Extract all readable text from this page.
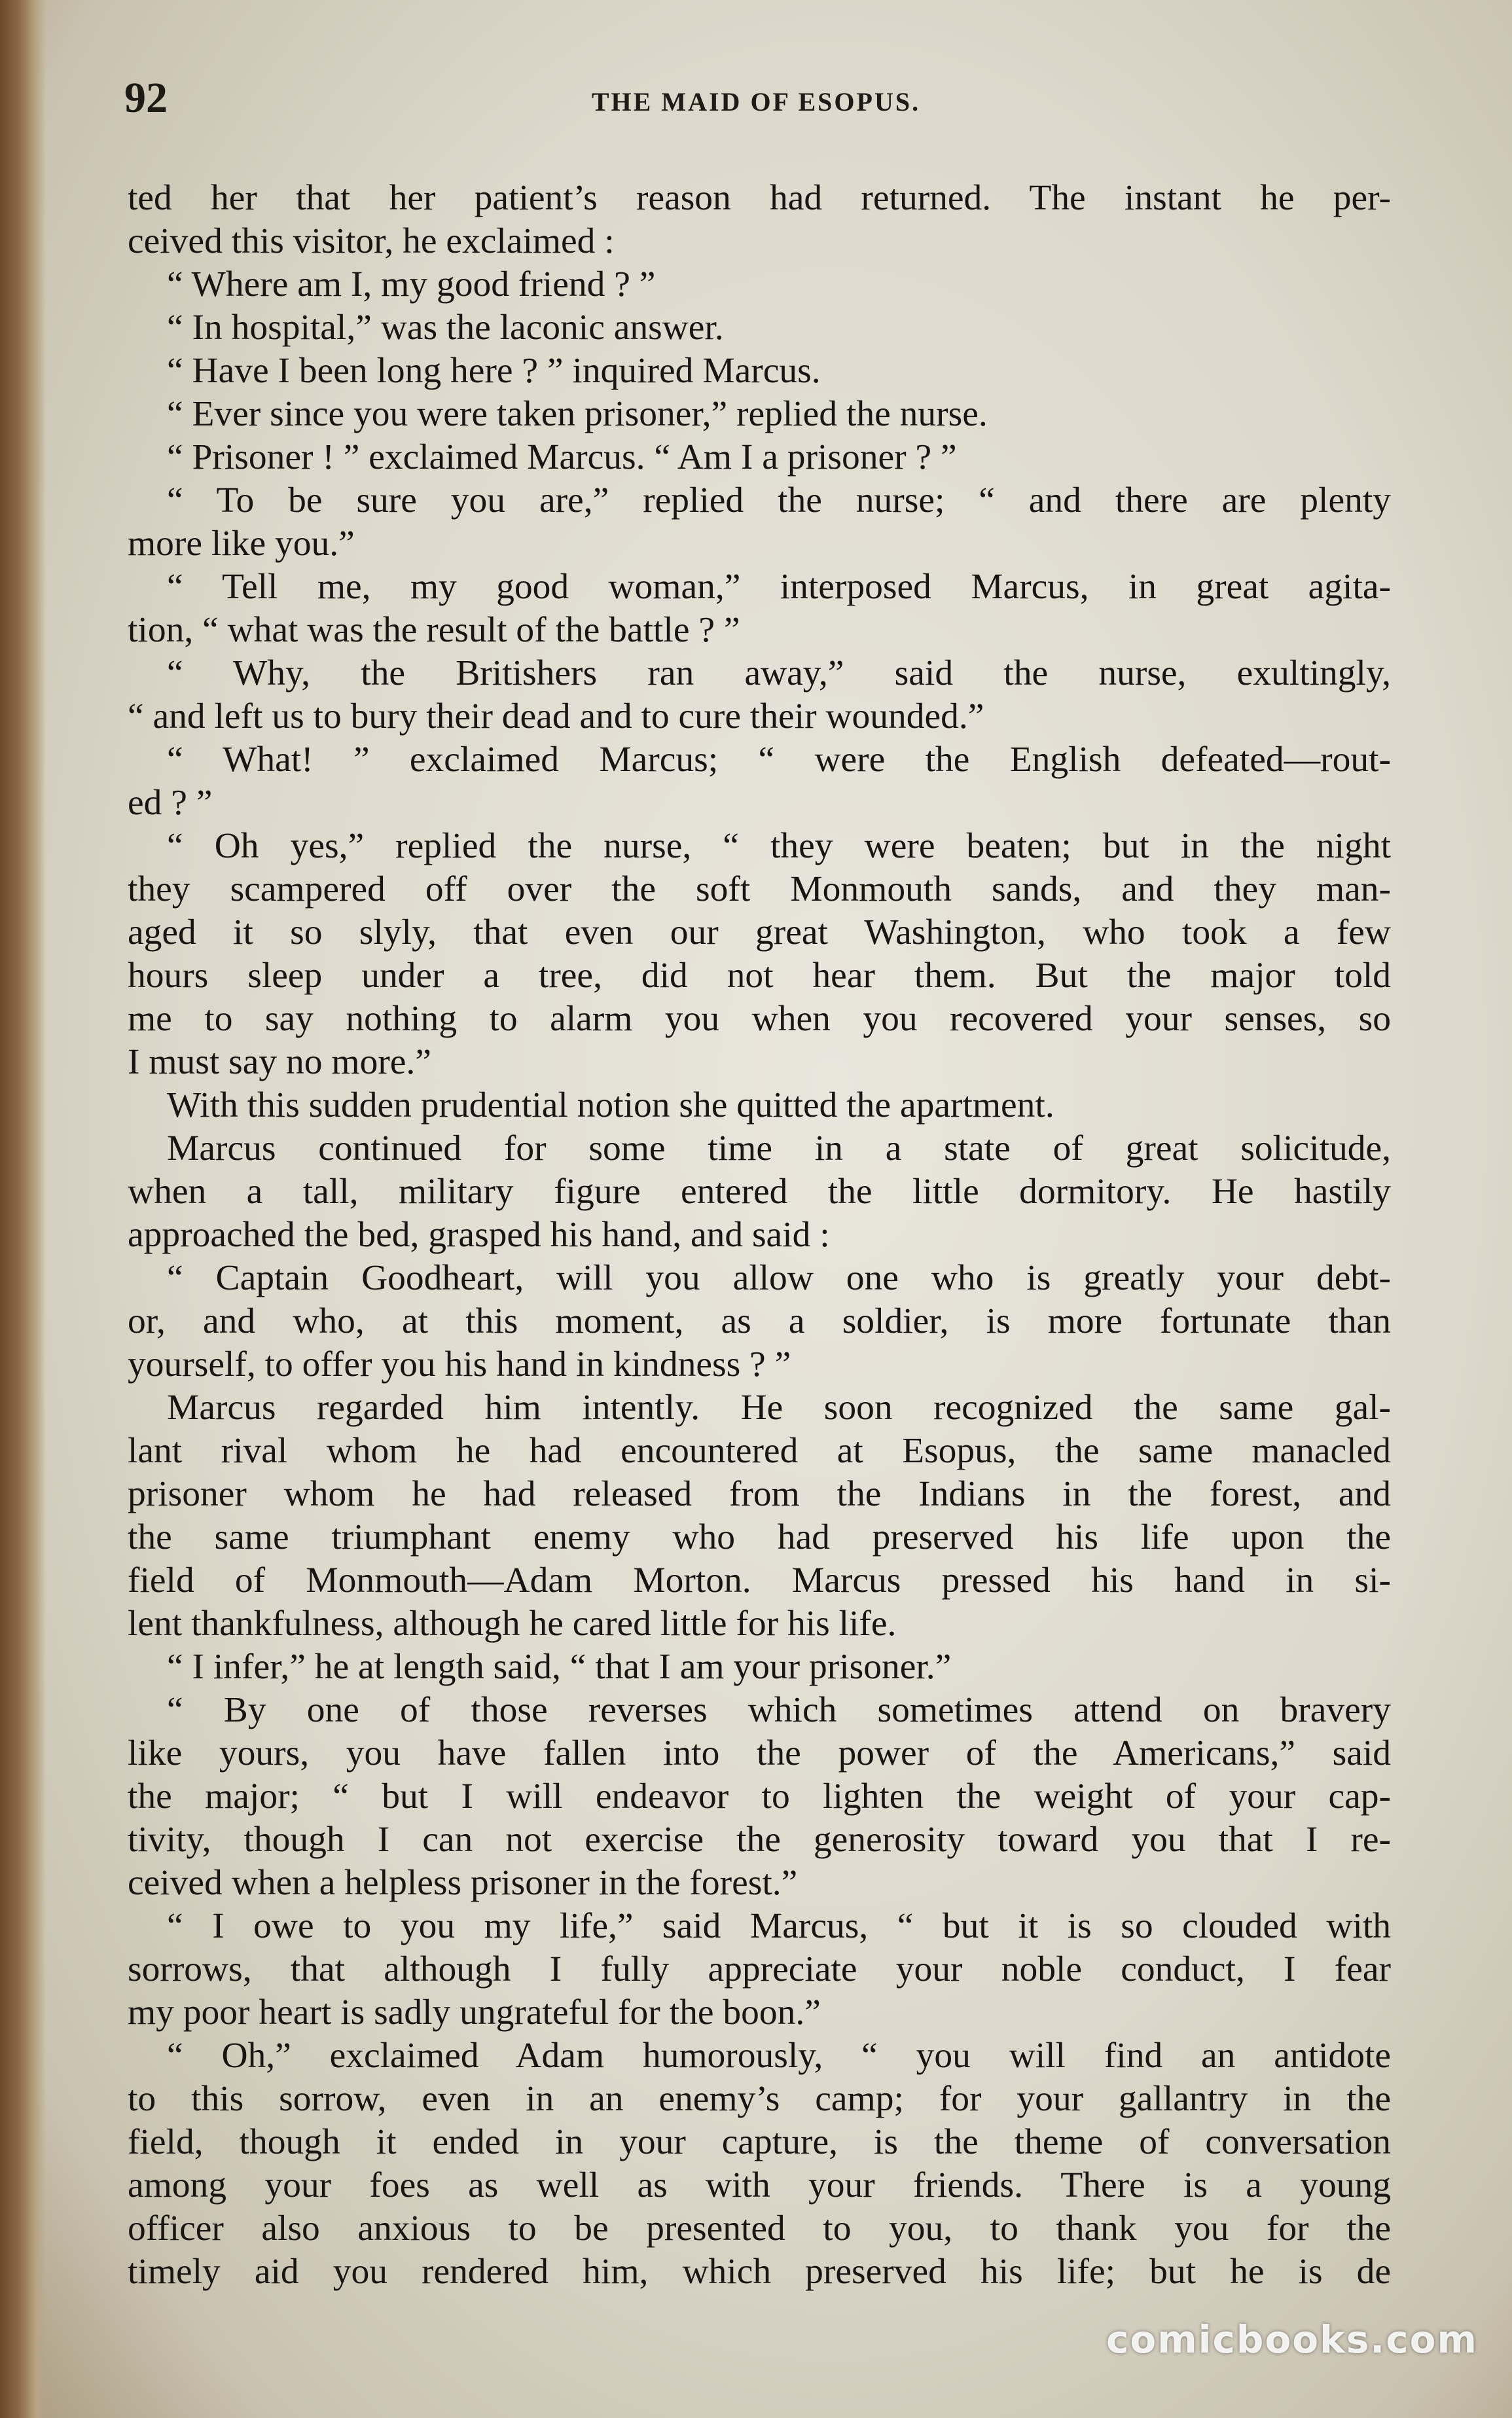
92	THE MAID OF ESOPUS.
ted her that her patient’s reason had returned. The instant he per-
ceived this visitor, he exclaimed :
“ Where am I, my good friend ? ”
“ In hospital,” was the laconic answer.
“ Have I been long here ? ” inquired Marcus.
“ Ever since you were taken prisoner,” replied the nurse.
“ Prisoner ! ” exclaimed Marcus. “ Am I a prisoner ? ”
“ To be sure you are,” replied the nurse; “ and there are plenty
more like you.”
“ Tell me, my good woman,” interposed Marcus, in great agita-
tion, “ what was the result of the battle ? ”
“ Why, the Britishers ran away,” said the nurse, exultingly,
“ and left us to bury their dead and to cure their wounded.”
“ What! ” exclaimed Marcus; “ were the English defeated—rout-
ed ? ”
“ Oh yes,” replied the nurse, “ they were beaten; but in the night
they scampered off over the soft Monmouth sands, and they man-
aged it so slyly, that even our great Washington, who took a few
hours sleep under a tree, did not hear them. But the major told
me to say nothing to alarm you when you recovered your senses, so
I must say no more.”
With this sudden prudential notion she quitted the apartment.
Marcus continued for some time in a state of great solicitude,
when a tall, military figure entered the little dormitory. He hastily
approached the bed, grasped his hand, and said :
“ Captain Goodheart, will you allow one who is greatly your debt-
or, and who, at this moment, as a soldier, is more fortunate than
yourself, to offer you his hand in kindness ? ”
Marcus regarded him intently. He soon recognized the same gal-
lant rival whom he had encountered at Esopus, the same manacled
prisoner whom he had released from the Indians in the forest, and
the same triumphant enemy who had preserved his life upon the
field of Monmouth—Adam Morton. Marcus pressed his hand in si-
lent thankfulness, although he cared little for his life.
“ I infer,” he at length said, “ that I am your prisoner.”
“ By one of those reverses which sometimes attend on bravery
like yours, you have fallen into the power of the Americans,” said
the major; “ but I will endeavor to lighten the weight of your cap-
tivity, though I can not exercise the generosity toward you that I re-
ceived when a helpless prisoner in the forest.”
“ I owe to you my life,” said Marcus, “ but it is so clouded with
sorrows, that although I fully appreciate your noble conduct, I fear
my poor heart is sadly ungrateful for the boon.”
“ Oh,” exclaimed Adam humorously, “ you will find an antidote
to this sorrow, even in an enemy’s camp; for your gallantry in the
field, though it ended in your capture, is the theme of conversation
among your foes as well as with your friends. There is a young
officer also anxious to be presented to you, to thank you for the
timely aid you rendered him, which preserved his life; but he is de
comicbooks.com
